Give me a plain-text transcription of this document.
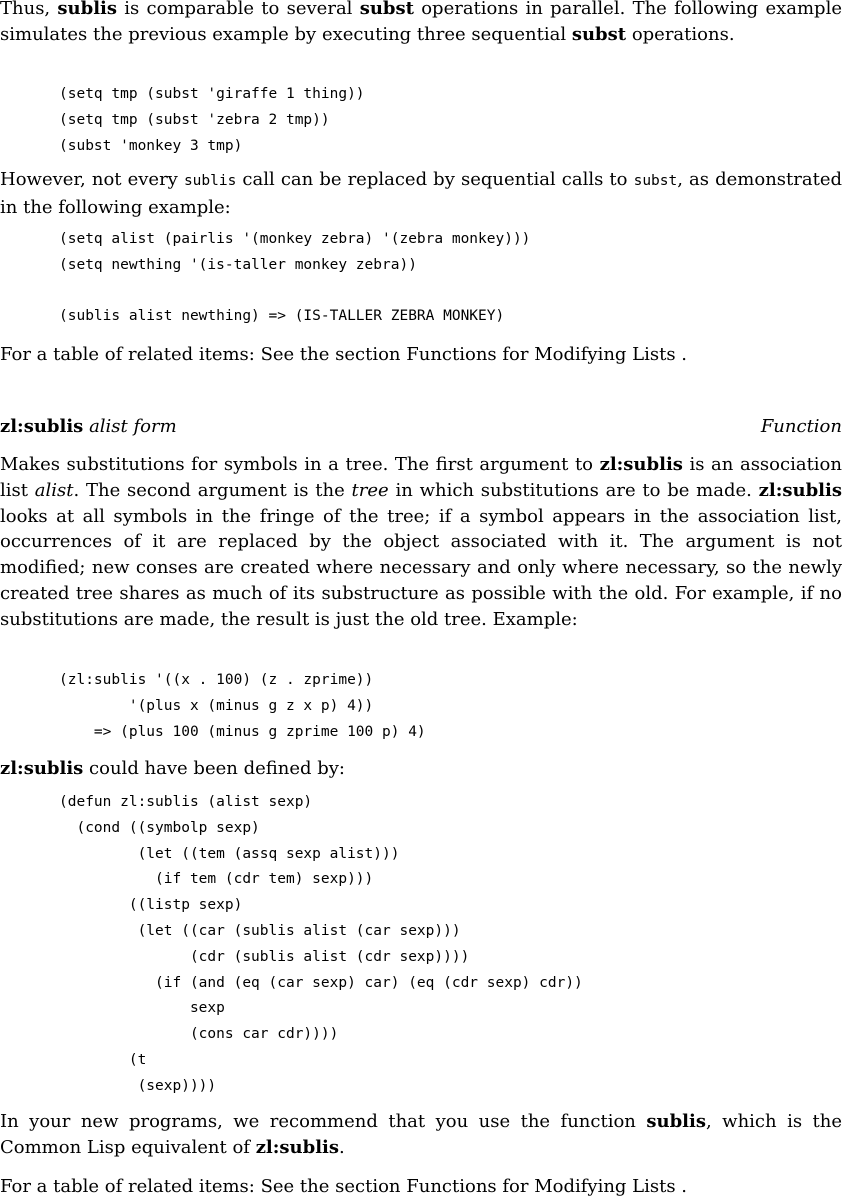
Thus, sublis is comparable to several subst operations in parallel. The following example simulates the previous example by executing three sequential subst operations.

(setq tmp (subst 'giraffe 1 thing))
(setq tmp (subst 'zebra 2 tmp))
(subst 'monkey 3 tmp)

However, not every sublis call can be replaced by sequential calls to subst, as demonstrated in the following example:

(setq alist (pairlis '(monkey zebra) '(zebra monkey)))
(setq newthing '(is-taller monkey zebra))
(sublis alist newthing) => (IS-TALLER ZEBRA MONKEY)

For a table of related items: See the section Functions for Modifying Lists .

zl:sublis alist form	Function

Makes substitutions for symbols in a tree. The first argument to zl:sublis is an association list alist. The second argument is the tree in which substitutions are to be made. zl:sublis looks at all symbols in the fringe of the tree; if a symbol appears in the association list, occurrences of it are replaced by the object associated with it. The argument is not modified; new conses are created where necessary and only where necessary, so the newly created tree shares as much of its substructure as possible with the old. For example, if no substitutions are made, the result is just the old tree. Example:

(zl:sublis '((x . 100) (z . zprime))
'(plus x (minus g z x p) 4))
=> (plus 100 (minus g zprime 100 p) 4)

zl:sublis could have been defined by:

(defun zl:sublis (alist sexp)
(cond ((symbolp sexp)
(let ((tem (assq sexp alist)))
(if tem (cdr tem) sexp)))
((listp sexp)
(let ((car (sublis alist (car sexp)))
(cdr (sublis alist (cdr sexp))))
(if (and (eq (car sexp) car) (eq (cdr sexp) cdr))
sexp
(cons car cdr))))
(t
(sexp))))

In your new programs, we recommend that you use the function sublis, which is the Common Lisp equivalent of zl:sublis.

For a table of related items: See the section Functions for Modifying Lists .
